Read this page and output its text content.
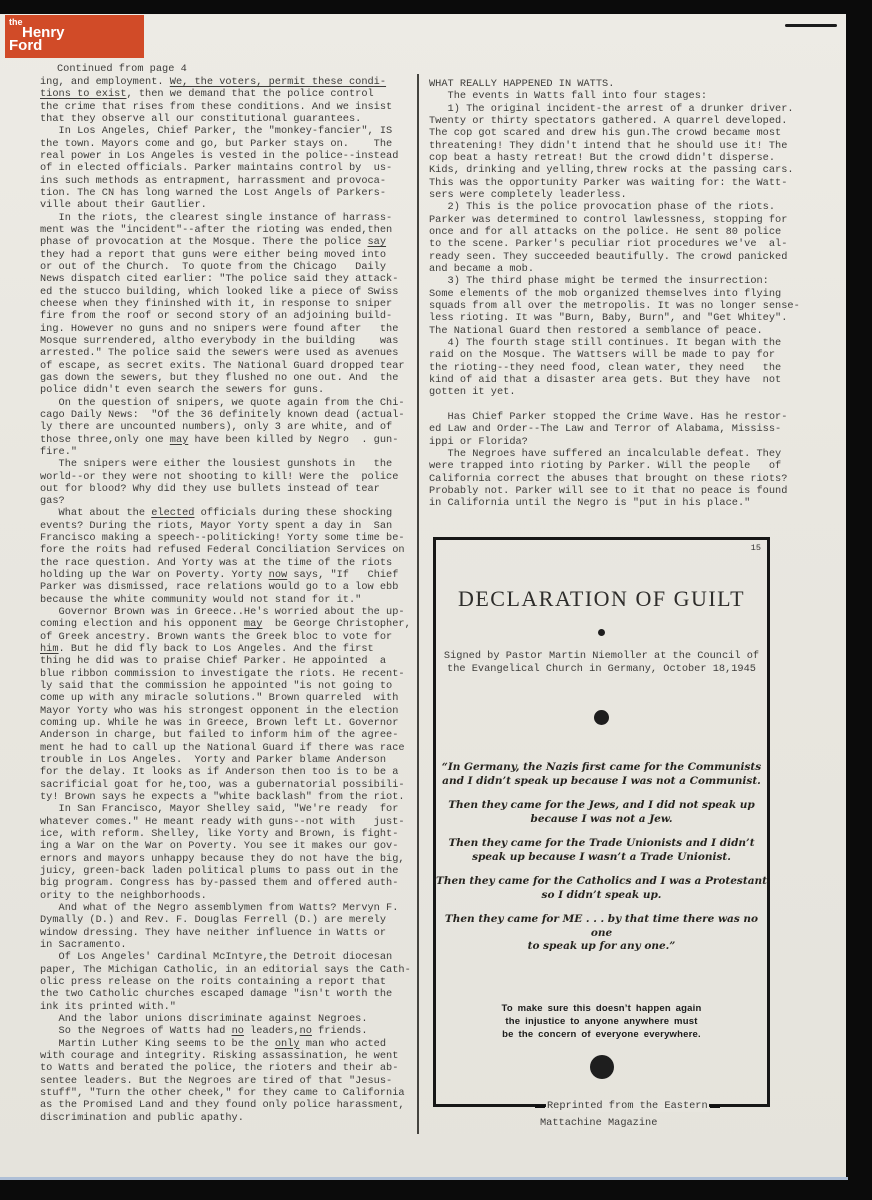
the
Henry
Ford
Continued from page 4
ing, and employment. We, the voters, permit these condi-
tions to exist, then we demand that the police control
the crime that rises from these conditions. And we insist
that they observe all our constitutional guarantees.
In Los Angeles, Chief Parker, the "monkey-fancier", IS
the town. Mayors come and go, but Parker stays on.    The
real power in Los Angeles is vested in the police--instead
of in elected officials. Parker maintains control by  us-
ins such methods as entrapment, harrassment and provoca-
tion. The CN has long warned the Lost Angels of Parkers-
ville about their Gautlier.
In the riots, the clearest single instance of harrass-
ment was the "incident"--after the rioting was ended,then
phase of provocation at the Mosque. There the police say
they had a report that guns were either being moved into
or out of the Church.  To quote from the Chicago   Daily
News dispatch cited earlier: "The police said they attack-
ed the stucco building, which looked like a piece of Swiss
cheese when they fininshed with it, in response to sniper
fire from the roof or second story of an adjoining build-
ing. However no guns and no snipers were found after   the
Mosque surrendered, altho everybody in the building    was
arrested." The police said the sewers were used as avenues
of escape, as secret exits. The National Guard dropped tear
gas down the sewers, but they flushed no one out. And  the
police didn't even search the sewers for guns.
On the question of snipers, we quote again from the Chi-
cago Daily News:  "Of the 36 definitely known dead (actual-
ly there are uncounted numbers), only 3 are white, and of
those three,only one may have been killed by Negro  . gun-
fire."
The snipers were either the lousiest gunshots in   the
world--or they were not shooting to kill! Were the  police
out for blood? Why did they use bullets instead of tear
gas?
What about the elected officials during these shocking
events? During the riots, Mayor Yorty spent a day in  San
Francisco making a speech--politicking! Yorty some time be-
fore the roits had refused Federal Conciliation Services on
the race question. And Yorty was at the time of the riots
holding up the War on Poverty. Yorty now says, "If   Chief
Parker was dismissed, race relations would go to a low ebb
because the white community would not stand for it."
Governor Brown was in Greece..He's worried about the up-
coming election and his opponent may  be George Christopher,
of Greek ancestry. Brown wants the Greek bloc to vote for
him. But he did fly back to Los Angeles. And the first
thing he did was to praise Chief Parker. He appointed  a
blue ribbon commission to investigate the riots. He recent-
ly said that the commission he appointed "is not going to
come up with any miracle solutions." Brown quarreled  with
Mayor Yorty who was his strongest opponent in the election
coming up. While he was in Greece, Brown left Lt. Governor
Anderson in charge, but failed to inform him of the agree-
ment he had to call up the National Guard if there was race
trouble in Los Angeles.  Yorty and Parker blame Anderson
for the delay. It looks as if Anderson then too is to be a
sacrificial goat for he,too, was a gubernatorial possibili-
ty! Brown says he expects a "white backlash" from the riot.
In San Francisco, Mayor Shelley said, "We're ready  for
whatever comes." He meant ready with guns--not with   just-
ice, with reform. Shelley, like Yorty and Brown, is fight-
ing a War on the War on Poverty. You see it makes our gov-
ernors and mayors unhappy because they do not have the big,
juicy, green-back laden political plums to pass out in the
big program. Congress has by-passed them and offered auth-
ority to the neighborhoods.
And what of the Negro assemblymen from Watts? Mervyn F.
Dymally (D.) and Rev. F. Douglas Ferrell (D.) are merely
window dressing. They have neither influence in Watts or
in Sacramento.
Of Los Angeles' Cardinal McIntyre,the Detroit diocesan
paper, The Michigan Catholic, in an editorial says the Cath-
olic press release on the roits containing a report that
the two Catholic churches escaped damage "isn't worth the
ink its printed with."
And the labor unions discriminate against Negroes.
So the Negroes of Watts had no leaders,no friends.
Martin Luther King seems to be the only man who acted
with courage and integrity. Risking assassination, he went
to Watts and berated the police, the rioters and their ab-
sentee leaders. But the Negroes are tired of that "Jesus-
stuff", "Turn the other cheek," for they came to California
as the Promised Land and they found only police harassment,
discrimination and public apathy.
WHAT REALLY HAPPENED IN WATTS.
The events in Watts fall into four stages:
1) The original incident-the arrest of a drunker driver.
Twenty or thirty spectators gathered. A quarrel developed.
The cop got scared and drew his gun.The crowd became most
threatening! They didn't intend that he should use it! The
cop beat a hasty retreat! But the crowd didn't disperse.
Kids, drinking and yelling,threw rocks at the passing cars.
This was the opportunity Parker was waiting for: the Watt-
sers were completely leaderless.
2) This is the police provocation phase of the riots.
Parker was determined to control lawlessness, stopping for
once and for all attacks on the police. He sent 80 police
to the scene. Parker's peculiar riot procedures we've  al-
ready seen. They succeeded beautifully. The crowd panicked
and became a mob.
3) The third phase might be termed the insurrection:
Some elements of the mob organized themselves into flying
squads from all over the metropolis. It was no longer sense-
less rioting. It was "Burn, Baby, Burn", and "Get Whitey".
The National Guard then restored a semblance of peace.
4) The fourth stage still continues. It began with the
raid on the Mosque. The Wattsers will be made to pay for
the rioting--they need food, clean water, they need   the
kind of aid that a disaster area gets. But they have  not
gotten it yet.

Has Chief Parker stopped the Crime Wave. Has he restor-
ed Law and Order--The Law and Terror of Alabama, Mississ-
ippi or Florida?
The Negroes have suffered an incalculable defeat. They
were trapped into rioting by Parker. Will the people   of
California correct the abuses that brought on these riots?
Probably not. Parker will see to it that no peace is found
in California until the Negro is "put in his place."
15
DECLARATION OF GUILT
Signed by Pastor Martin Niemoller at the Council of
the Evangelical Church in Germany, October 18,1945
“In Germany, the Nazis first came for the Communists
and I didn’t speak up because I was not a Communist.
Then they came for the Jews, and I did not speak up
because I was not a Jew.
Then they came for the Trade Unionists and I didn’t
speak up because I wasn’t a Trade Unionist.
Then they came for the Catholics and I was a Protestant
so I didn’t speak up.
Then they came for ME . . . by that time there was no one
to speak up for any one.”
To make sure this doesn’t happen again
the injustice to anyone anywhere must
be the concern of everyone everywhere.
Reprinted from the Eastern
Mattachine Magazine
